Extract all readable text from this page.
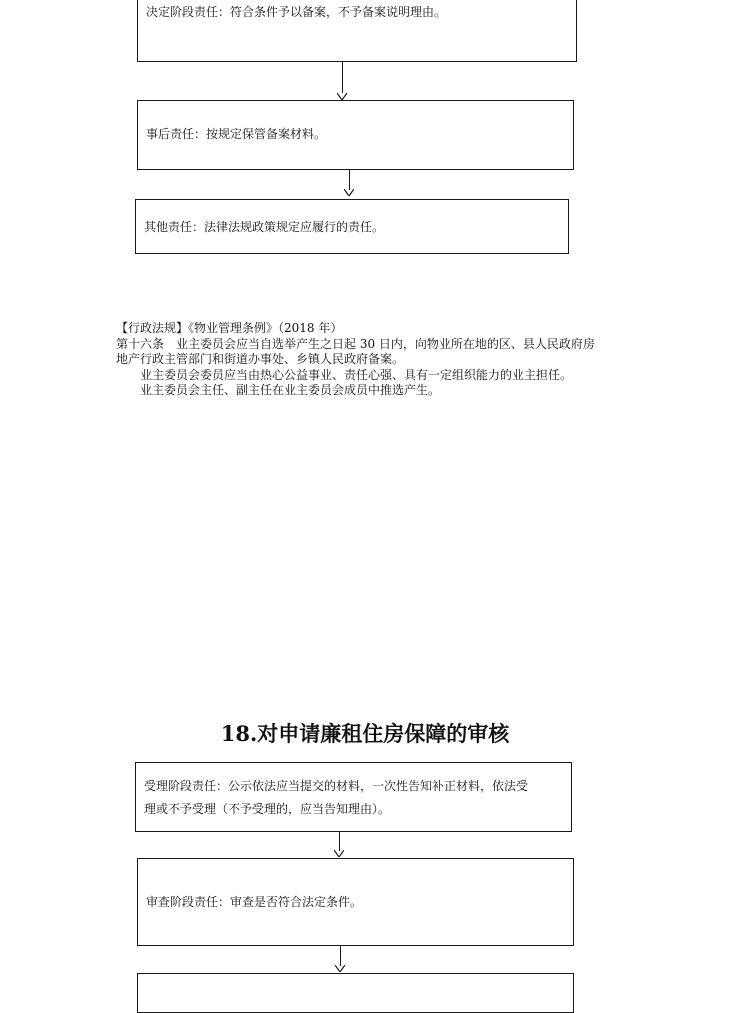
决定阶段责任：符合条件予以备案，不予备案说明理由。
事后责任：按规定保管备案材料。
其他责任：法律法规政策规定应履行的责任。

【行政法规】《物业管理条例》（2018 年）

第十六条　业主委员会应当自选举产生之日起 30 日内，向物业所在地的区、县人民政府房

地产行政主管部门和街道办事处、乡镇人民政府备案。

业主委员会委员应当由热心公益事业、责任心强、具有一定组织能力的业主担任。

业主委员会主任、副主任在业主委员会成员中推选产生。

18.对申请廉租住房保障的审核
受理阶段责任：公示依法应当提交的材料，一次性告知补正材料，依法受
理或不予受理（不予受理的，应当告知理由）。
审查阶段责任：审查是否符合法定条件。
